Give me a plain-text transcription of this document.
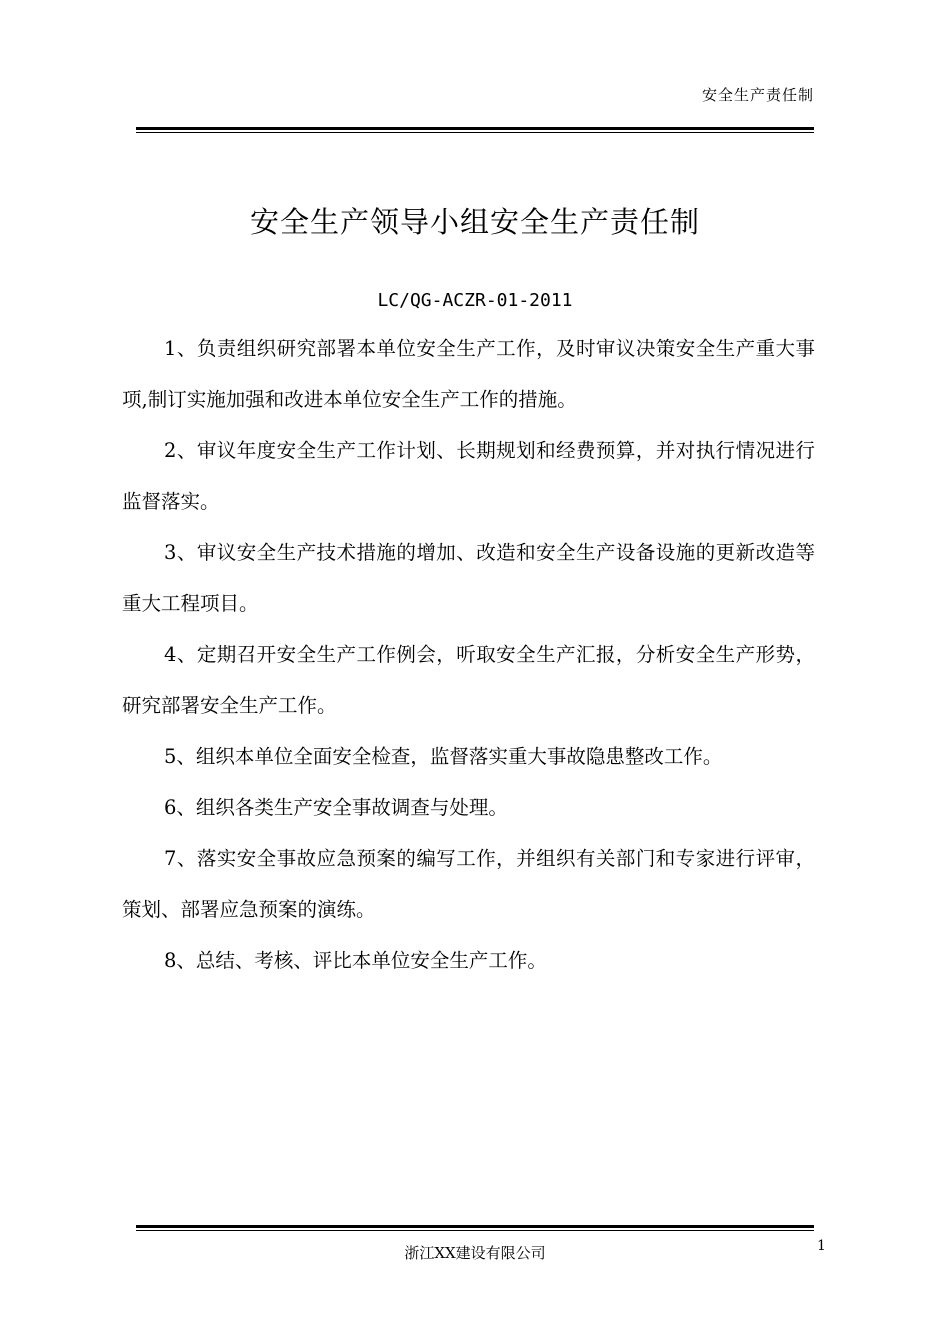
安全生产责任制
安全生产领导小组安全生产责任制
LC/QG-ACZR-01-2011

1、负责组织研究部署本单位安全生产工作，及时审议决策安全生产重大事项,制订实施加强和改进本单位安全生产工作的措施。

2、审议年度安全生产工作计划、长期规划和经费预算，并对执行情况进行监督落实。

3、审议安全生产技术措施的增加、改造和安全生产设备设施的更新改造等重大工程项目。

4、定期召开安全生产工作例会，听取安全生产汇报，分析安全生产形势，研究部署安全生产工作。

5、组织本单位全面安全检查，监督落实重大事故隐患整改工作。

6、组织各类生产安全事故调查与处理。

7、落实安全事故应急预案的编写工作，并组织有关部门和专家进行评审，策划、部署应急预案的演练。

8、总结、考核、评比本单位安全生产工作。

浙江XX建设有限公司	1
